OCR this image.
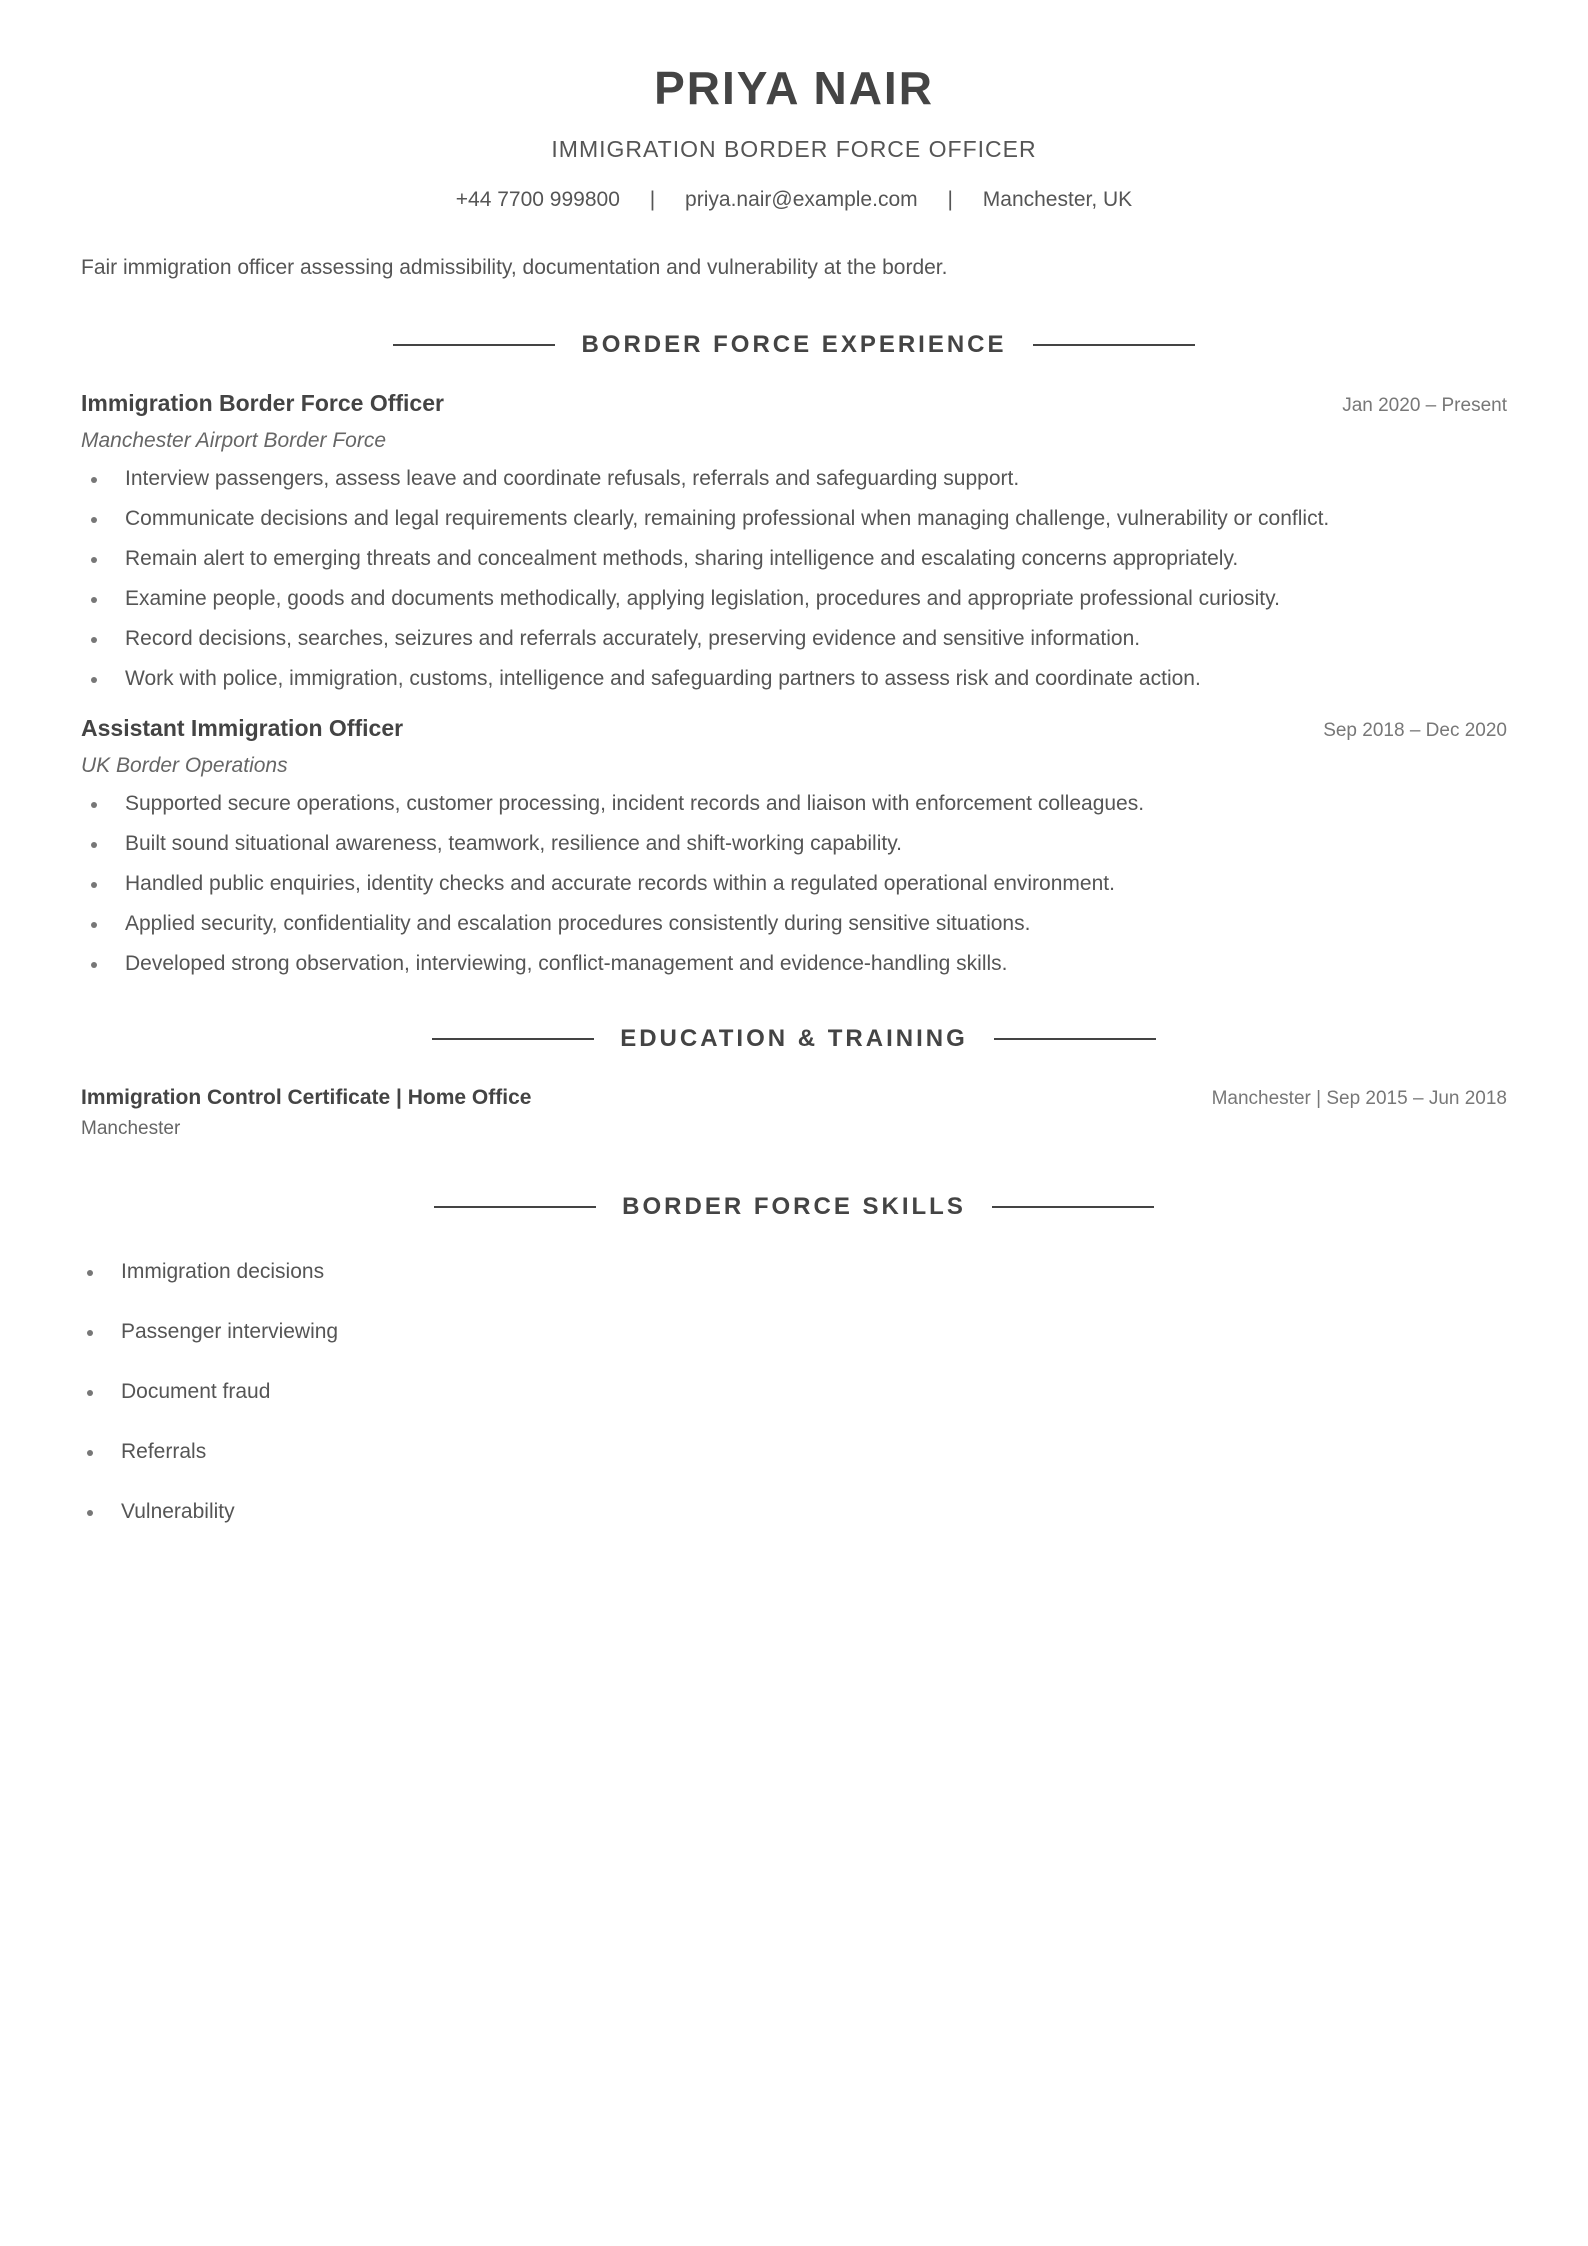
PRIYA NAIR
IMMIGRATION BORDER FORCE OFFICER
+44 7700 999800 | priya.nair@example.com | Manchester, UK
Fair immigration officer assessing admissibility, documentation and vulnerability at the border.
BORDER FORCE EXPERIENCE
Immigration Border Force Officer	Jan 2020 – Present
Manchester Airport Border Force
Interview passengers, assess leave and coordinate refusals, referrals and safeguarding support.
Communicate decisions and legal requirements clearly, remaining professional when managing challenge, vulnerability or conflict.
Remain alert to emerging threats and concealment methods, sharing intelligence and escalating concerns appropriately.
Examine people, goods and documents methodically, applying legislation, procedures and appropriate professional curiosity.
Record decisions, searches, seizures and referrals accurately, preserving evidence and sensitive information.
Work with police, immigration, customs, intelligence and safeguarding partners to assess risk and coordinate action.
Assistant Immigration Officer	Sep 2018 – Dec 2020
UK Border Operations
Supported secure operations, customer processing, incident records and liaison with enforcement colleagues.
Built sound situational awareness, teamwork, resilience and shift-working capability.
Handled public enquiries, identity checks and accurate records within a regulated operational environment.
Applied security, confidentiality and escalation procedures consistently during sensitive situations.
Developed strong observation, interviewing, conflict-management and evidence-handling skills.
EDUCATION & TRAINING
Immigration Control Certificate | Home Office	Manchester | Sep 2015 – Jun 2018
Manchester
BORDER FORCE SKILLS
Immigration decisions
Passenger interviewing
Document fraud
Referrals
Vulnerability
